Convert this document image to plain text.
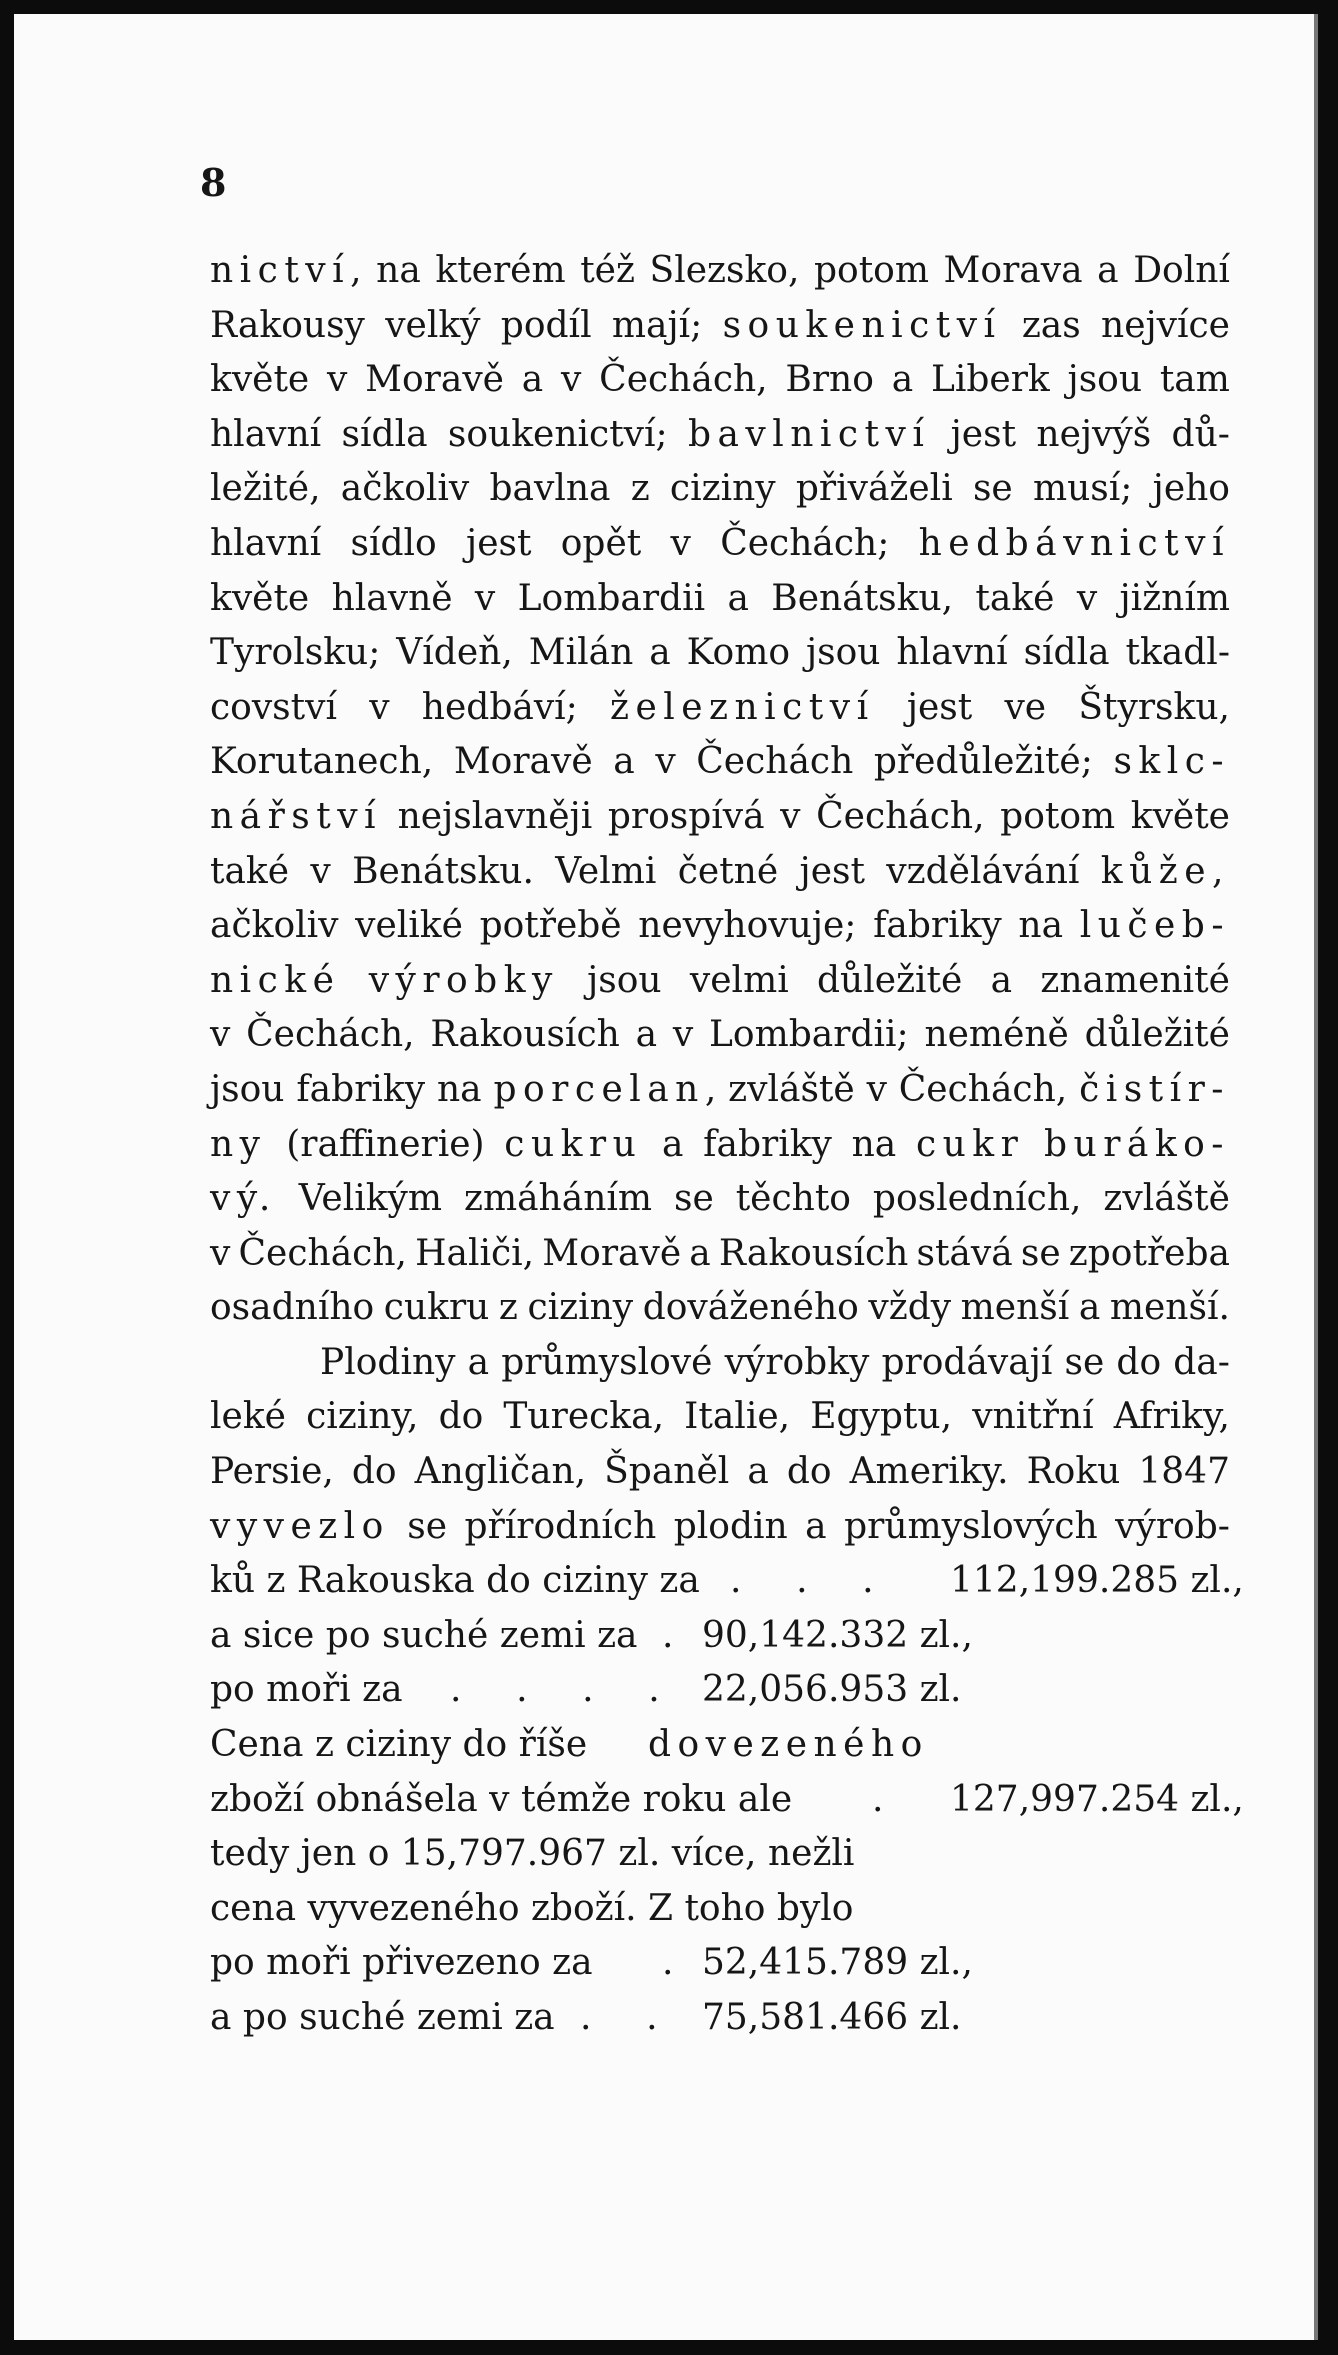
8
nictví, na kterém též Slezsko, potom Morava a Dolní
Rakousy velký podíl mají; soukenictví zas nejvíce
květe v Moravě a v Čechách, Brno a Liberk jsou tam
hlavní sídla soukenictví; bavlnictví jest nejvýš dů-
ležité, ačkoliv bavlna z ciziny přiváželi se musí; jeho
hlavní sídlo jest opět v Čechách; hedbávnictví
květe hlavně v Lombardii a Benátsku, také v jižním
Tyrolsku; Vídeň, Milán a Komo jsou hlavní sídla tkadl-
covství v hedbáví; železnictví jest ve Štyrsku,
Korutanech, Moravě a v Čechách předůležité; sklc-
nářství nejslavněji prospívá v Čechách, potom květe
také v Benátsku. Velmi četné jest vzdělávání kůže,
ačkoliv veliké potřebě nevyhovuje; fabriky na lučeb-
nické výrobky jsou velmi důležité a znamenité
v Čechách, Rakousích a v Lombardii; neméně důležité
jsou fabriky na porcelan, zvláště v Čechách, čistír-
ny (raffinerie) cukru a fabriky na cukr burákо-
vý. Velikým zmáháním se těchto posledních, zvláště
v Čechách, Haliči, Moravě a Rakousích stává se zpotřeba
osadního cukru z ciziny dováženého vždy menší a menší.
Plodiny a průmyslové výrobky prodávají se do da-
leké ciziny, do Turecka, Italie, Egyptu, vnitřní Afriky,
Persie, do Angličan, Španěl a do Ameriky. Roku 1847
vyvezlo se přírodních plodin a průmyslových výrob-
ků z Rakouska do ciziny za . . . 112,199.285 zl.,
a sice po suché zemi za . 90,142.332 zl.,
po moři za . . . . 22,056.953 zl.
Cena z ciziny do říše dovezeného
zboží obnášela v témže roku ale . 127,997.254 zl.,
tedy jen o 15,797.967 zl. více, nežli
cena vyvezeného zboží. Z toho bylo
po moři přivezeno za . 52,415.789 zl.,
a po suché zemi za . . 75,581.466 zl.
